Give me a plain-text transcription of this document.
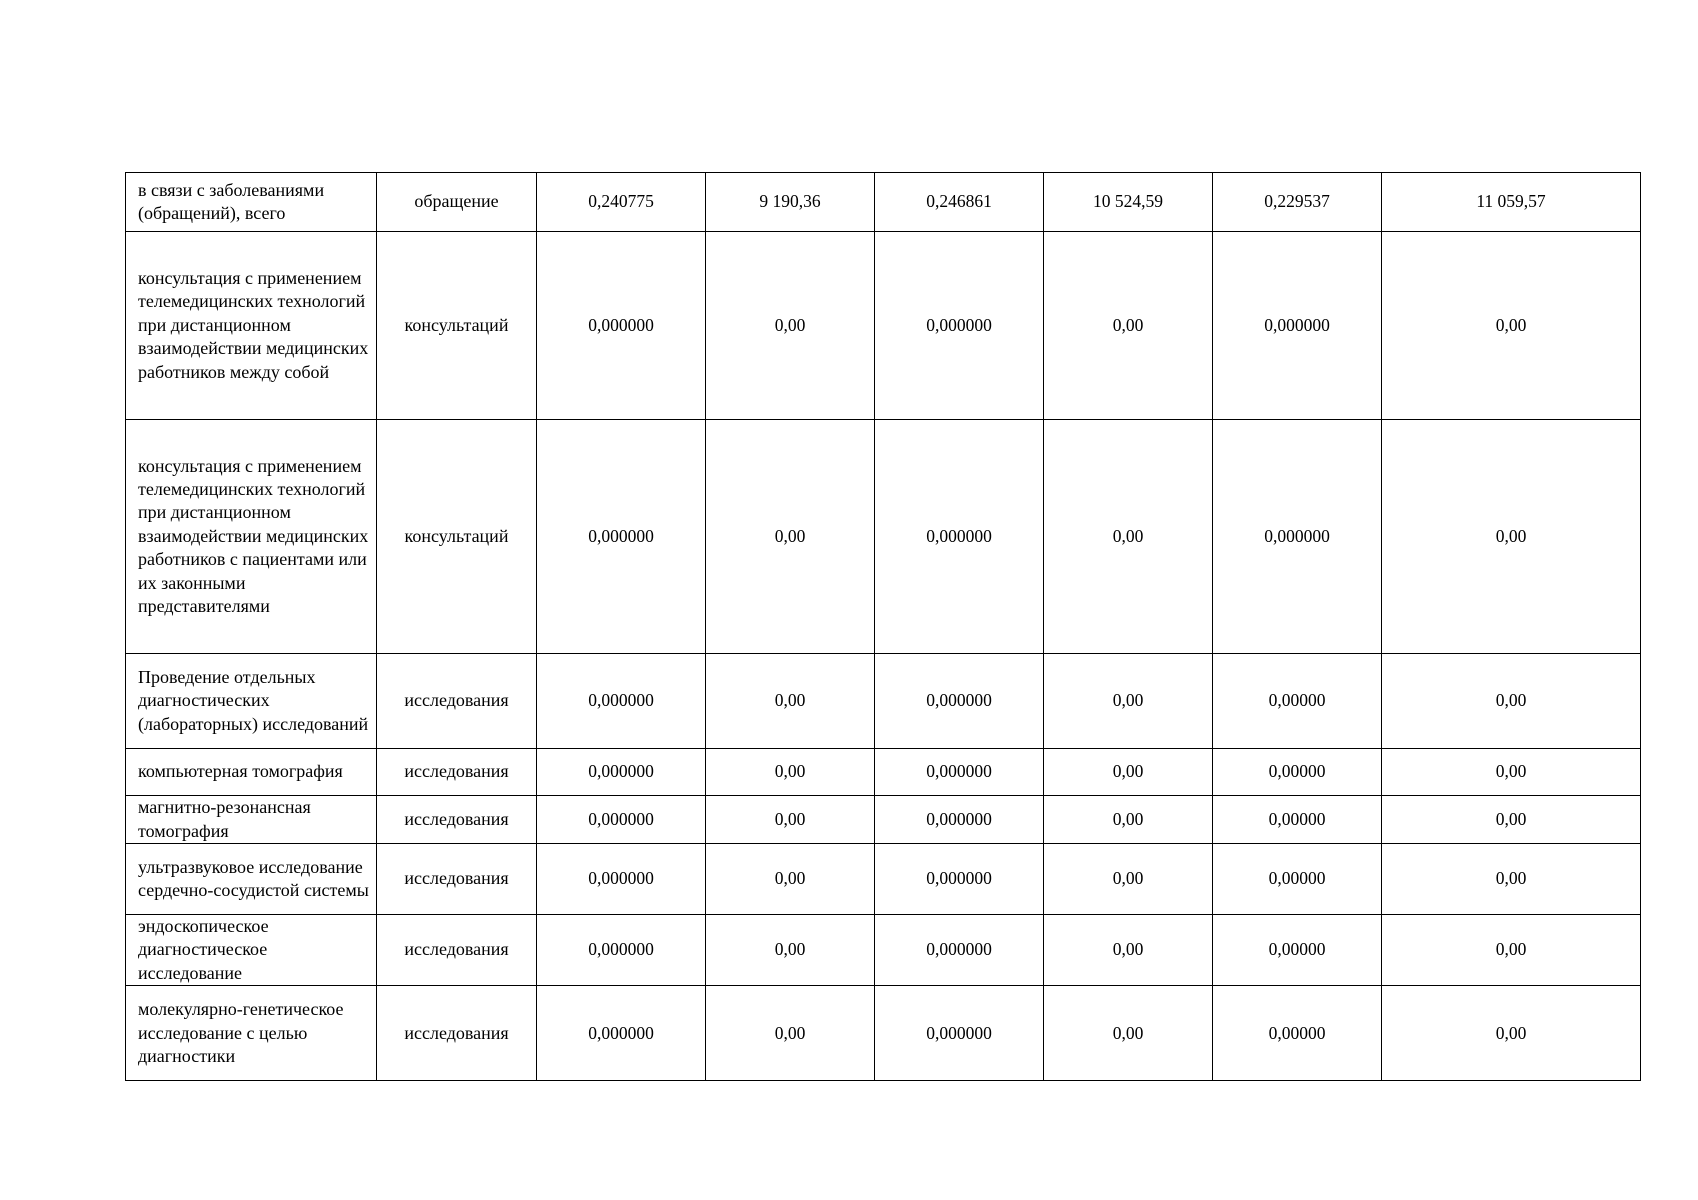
в связи с заболеваниями (обращений), всего	обращение	0,240775	9 190,36	0,246861	10 524,59	0,229537	11 059,57
консультация с применением телемедицинских технологий при дистанционном взаимодействии медицинских работников между собой	консультаций	0,000000	0,00	0,000000	0,00	0,000000	0,00
консультация с применением телемедицинских технологий при дистанционном взаимодействии медицинских работников с пациентами или их законными представителями	консультаций	0,000000	0,00	0,000000	0,00	0,000000	0,00
Проведение отдельных диагностических (лабораторных) исследований	исследования	0,000000	0,00	0,000000	0,00	0,00000	0,00
компьютерная томография	исследования	0,000000	0,00	0,000000	0,00	0,00000	0,00
магнитно-резонансная томография	исследования	0,000000	0,00	0,000000	0,00	0,00000	0,00
ультразвуковое исследование сердечно-сосудистой системы	исследования	0,000000	0,00	0,000000	0,00	0,00000	0,00
эндоскопическое диагностическое исследование	исследования	0,000000	0,00	0,000000	0,00	0,00000	0,00
молекулярно-генетическое исследование с целью диагностики	исследования	0,000000	0,00	0,000000	0,00	0,00000	0,00
